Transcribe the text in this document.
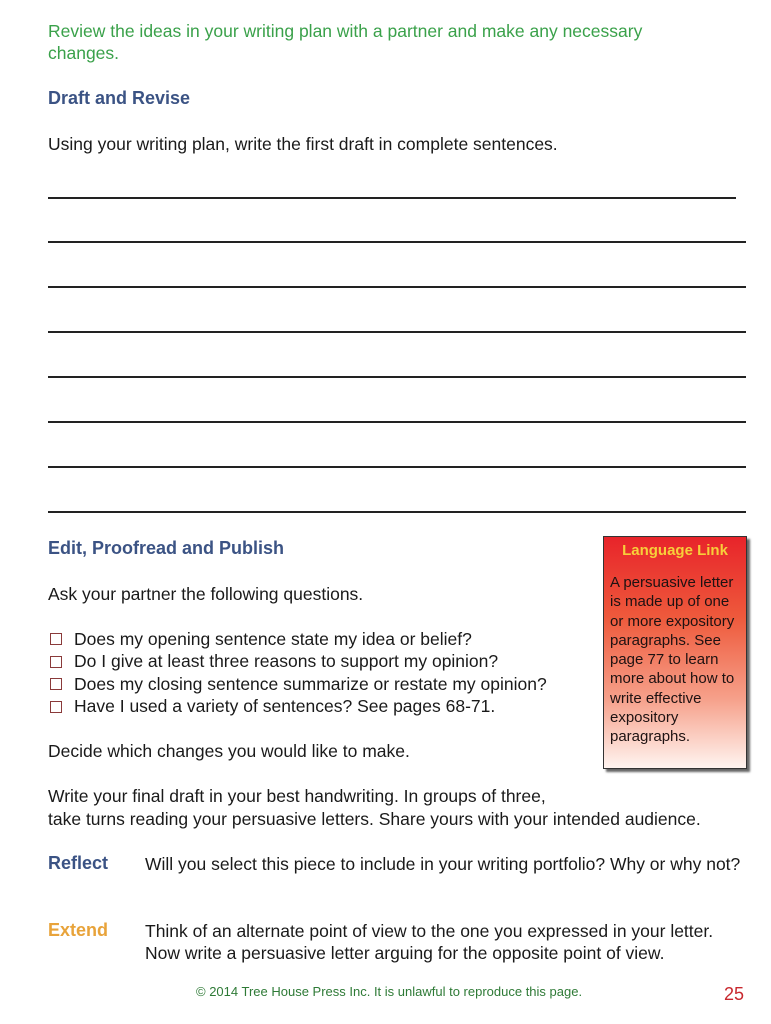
Review the ideas in your writing plan with a partner and make any necessary changes.
Draft and Revise
Using your writing plan, write the first draft in complete sentences.
Edit, Proofread and Publish
Ask your partner the following questions.
Does my opening sentence state my idea or belief?
Do I give at least three reasons to support my opinion?
Does my closing sentence summarize or restate my opinion?
Have I used a variety of sentences? See pages 68-71.
Language Link
A persuasive letter is made up of one or more expository paragraphs. See page 77 to learn more about how to write effective expository paragraphs.
Decide which changes you would like to make.
Write your final draft in your best handwriting. In groups of three,
take turns reading your persuasive letters. Share yours with your intended audience.
Reflect Will you select this piece to include in your writing portfolio? Why or why not?
Extend Think of an alternate point of view to the one you expressed in your letter. Now write a persuasive letter arguing for the opposite point of view.
© 2014 Tree House Press Inc. It is unlawful to reproduce this page.	25
